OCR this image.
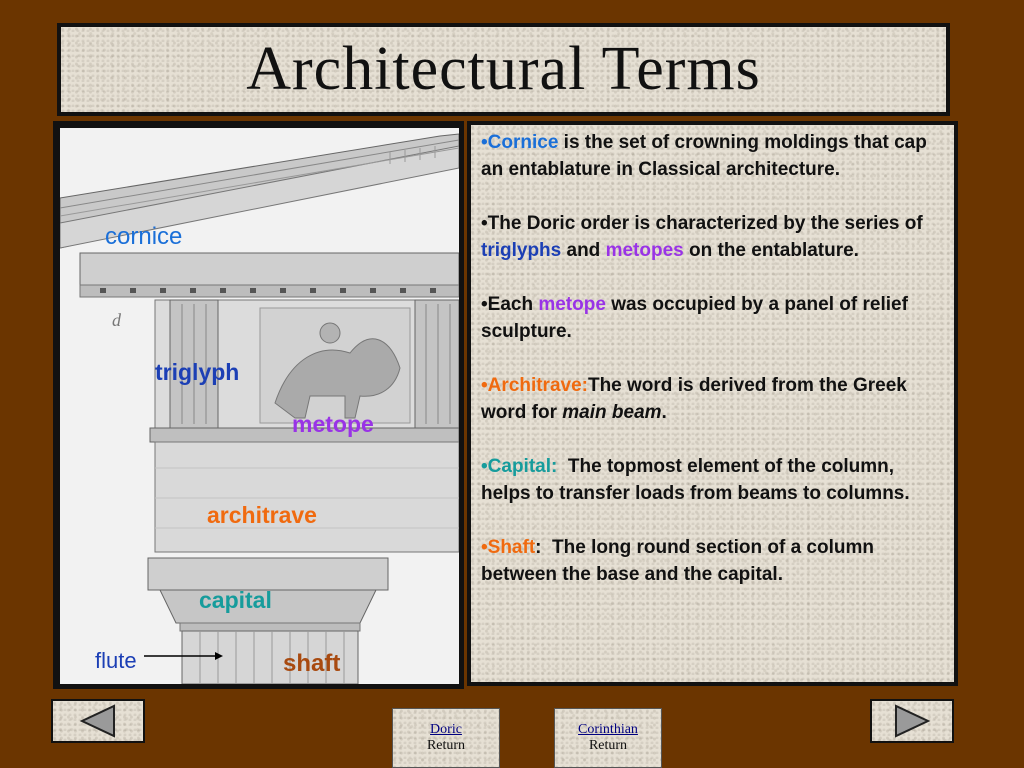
Architectural Terms
d
cornice
triglyph
metope
architrave
capital
flute	shaft

•Cornice is the set of crowning moldings that cap an entablature in Classical architecture.

•The Doric order is characterized by the series of triglyphs and metopes on the entablature.

•Each metope was occupied by a panel of relief sculpture.

•Architrave:The word is derived from the Greek word for main beam.

•Capital:  The topmost element of the column, helps to transfer loads from beams to columns.

•Shaft:  The long round section of a column between the base and the capital.

Doric
Return
Corinthian
Return
